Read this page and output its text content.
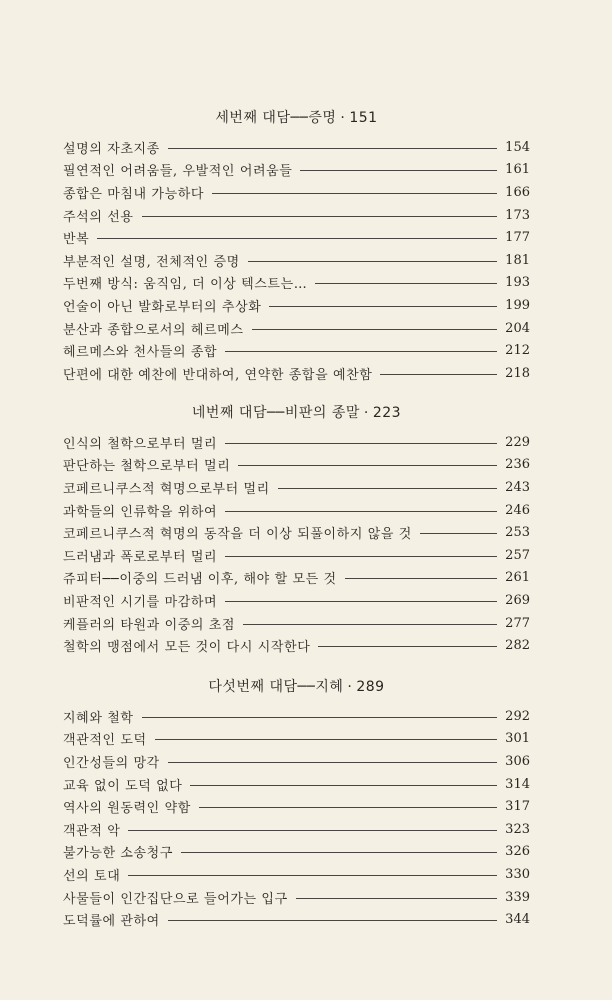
세번째 대담──증명 · 151
설명의 자초지종	154
필연적인 어려움들, 우발적인 어려움들	161
종합은 마침내 가능하다	166
주석의 선용	173
반복	177
부분적인 설명, 전체적인 증명	181
두번째 방식: 움직임, 더 이상 텍스트는…	193
언술이 아닌 발화로부터의 추상화	199
분산과 종합으로서의 헤르메스	204
헤르메스와 천사들의 종합	212
단편에 대한 예찬에 반대하여, 연약한 종합을 예찬함	218
네번째 대담──비판의 종말 · 223
인식의 철학으로부터 멀리	229
판단하는 철학으로부터 멀리	236
코페르니쿠스적 혁명으로부터 멀리	243
과학들의 인류학을 위하여	246
코페르니쿠스적 혁명의 동작을 더 이상 되풀이하지 않을 것	253
드러냄과 폭로로부터 멀리	257
쥬피터──이중의 드러냄 이후, 해야 할 모든 것	261
비판적인 시기를 마감하며	269
케플러의 타원과 이중의 초점	277
철학의 맹점에서 모든 것이 다시 시작한다	282
다섯번째 대담──지혜 · 289
지혜와 철학	292
객관적인 도덕	301
인간성들의 망각	306
교육 없이 도덕 없다	314
역사의 원동력인 약함	317
객관적 악	323
불가능한 소송청구	326
선의 토대	330
사물들이 인간집단으로 들어가는 입구	339
도덕률에 관하여	344
